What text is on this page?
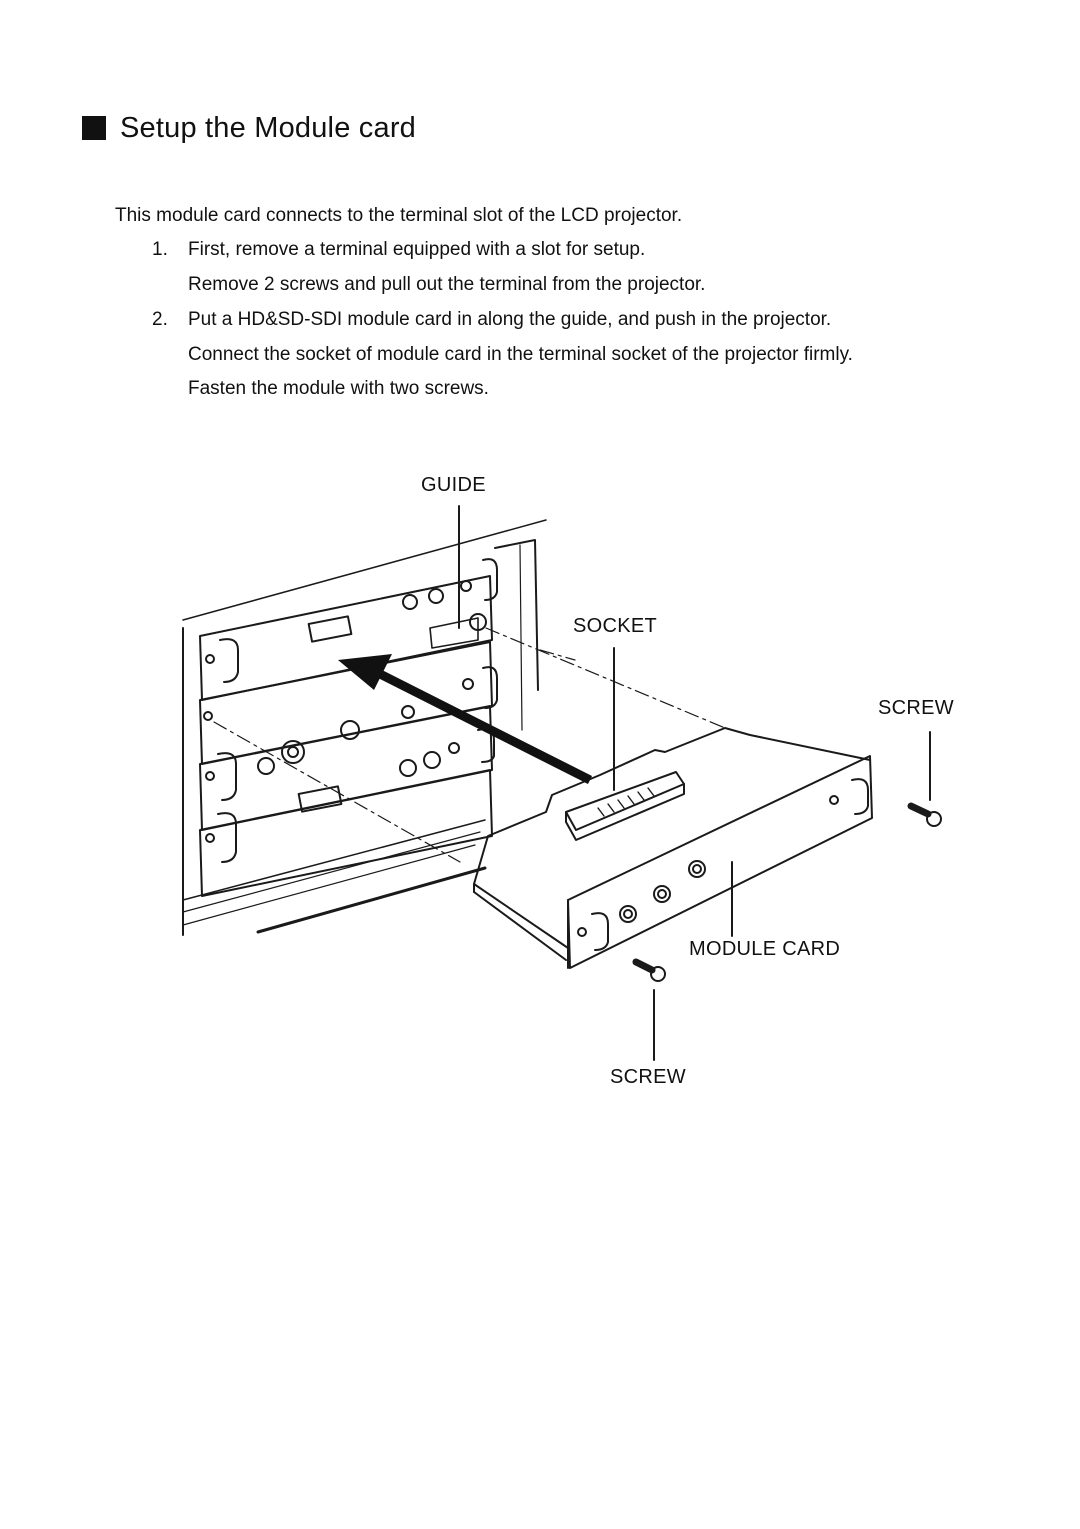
Setup the Module card
This module card connects to the terminal slot of the LCD projector.
1. First, remove a terminal equipped with a slot for setup.
Remove 2 screws and pull out the terminal from the projector.
2. Put a HD&SD-SDI module card in along the guide, and push in the projector.
Connect the socket of module card in the terminal socket of the projector firmly.
Fasten the module with two screws.
GUIDE
SOCKET
SCREW
MODULE CARD
SCREW
